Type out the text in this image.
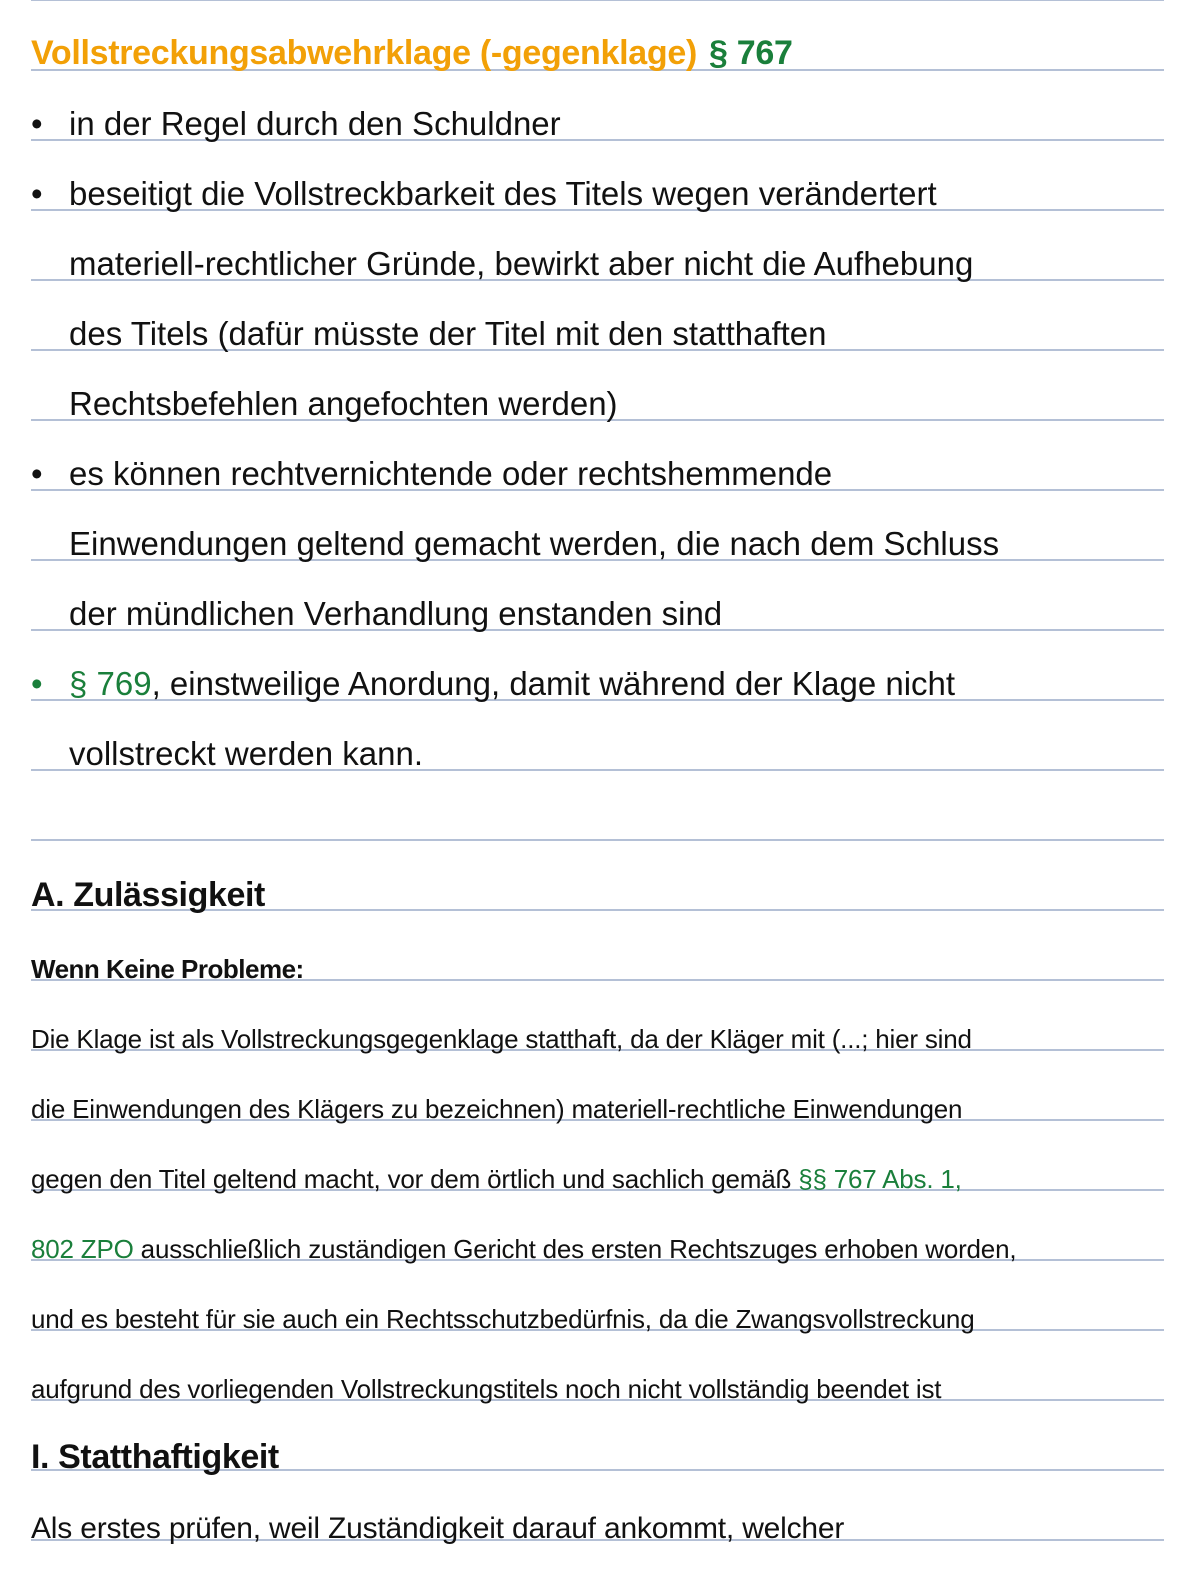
Vollstreckungsabwehrklage (-gegenklage) § 767
• in der Regel durch den Schuldner
• beseitigt die Vollstreckbarkeit des Titels wegen verändertert
materiell-rechtlicher Gründe, bewirkt aber nicht die Aufhebung
des Titels (dafür müsste der Titel mit den statthaften
Rechtsbefehlen angefochten werden)
• es können rechtvernichtende oder rechtshemmende
Einwendungen geltend gemacht werden, die nach dem Schluss
der mündlichen Verhandlung enstanden sind
• § 769, einstweilige Anordung, damit während der Klage nicht
vollstreckt werden kann.
A. Zulässigkeit
Wenn Keine Probleme:
Die Klage ist als Vollstreckungsgegenklage statthaft, da der Kläger mit (...; hier sind
die Einwendungen des Klägers zu bezeichnen) materiell-rechtliche Einwendungen
gegen den Titel geltend macht, vor dem örtlich und sachlich gemäß §§ 767 Abs. 1,
802 ZPO ausschließlich zuständigen Gericht des ersten Rechtszuges erhoben worden,
und es besteht für sie auch ein Rechtsschutzbedürfnis, da die Zwangsvollstreckung
aufgrund des vorliegenden Vollstreckungstitels noch nicht vollständig beendet ist
I. Statthaftigkeit
Als erstes prüfen, weil Zuständigkeit darauf ankommt, welcher
